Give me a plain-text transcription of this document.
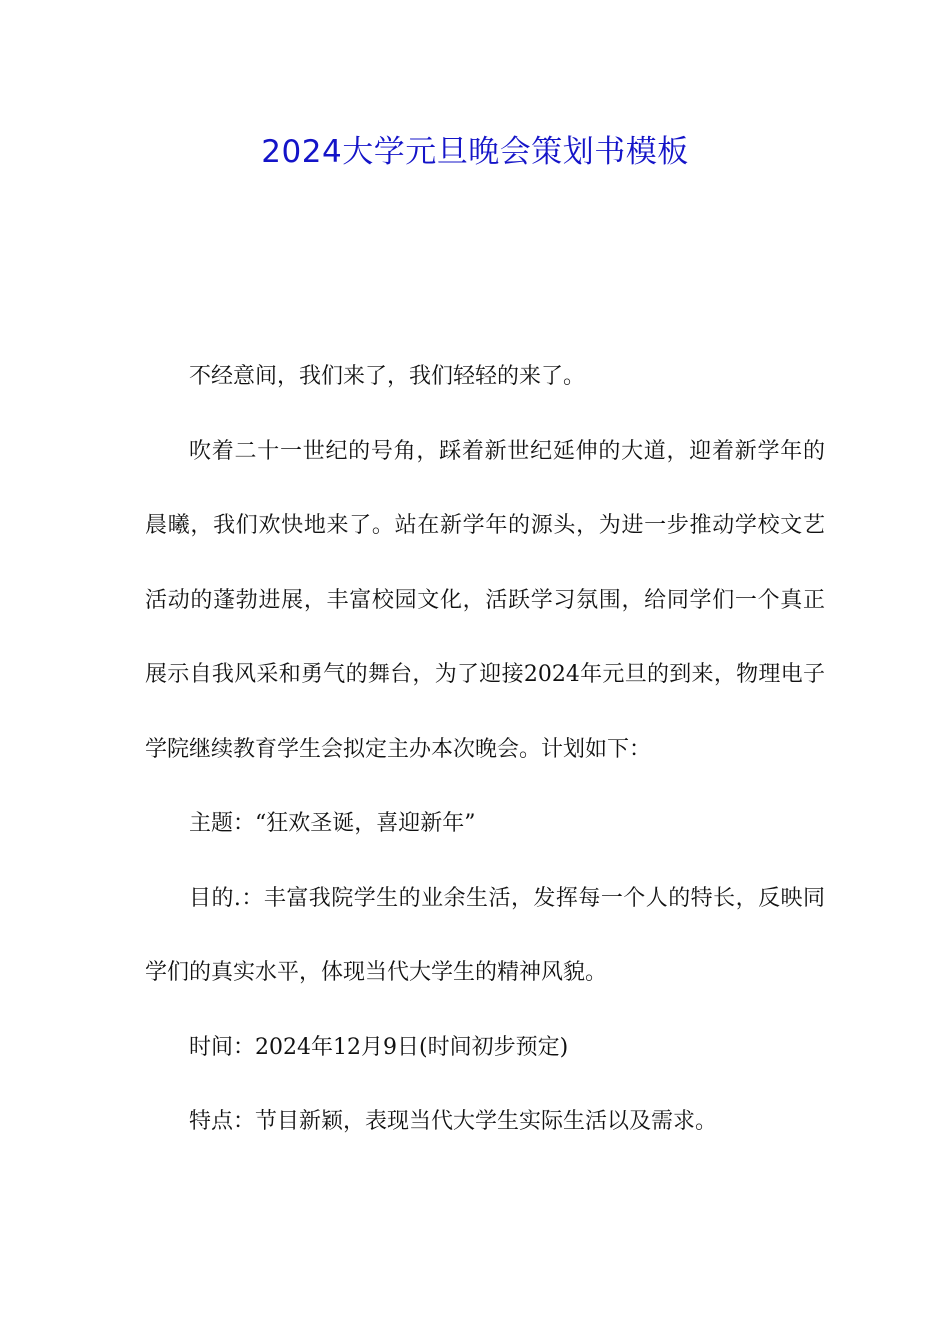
2024大学元旦晚会策划书模板

不经意间，我们来了，我们轻轻的来了。

吹着二十一世纪的号角，踩着新世纪延伸的大道，迎着新学年的晨曦，我们欢快地来了。站在新学年的源头，为进一步推动学校文艺活动的蓬勃进展，丰富校园文化，活跃学习氛围，给同学们一个真正展示自我风采和勇气的舞台，为了迎接2024年元旦的到来，物理电子学院继续教育学生会拟定主办本次晚会。计划如下：

主题：“狂欢圣诞，喜迎新年”

目的.：丰富我院学生的业余生活，发挥每一个人的特长，反映同学们的真实水平，体现当代大学生的精神风貌。

时间：2024年12月9日(时间初步预定)

特点：节目新颖，表现当代大学生实际生活以及需求。
